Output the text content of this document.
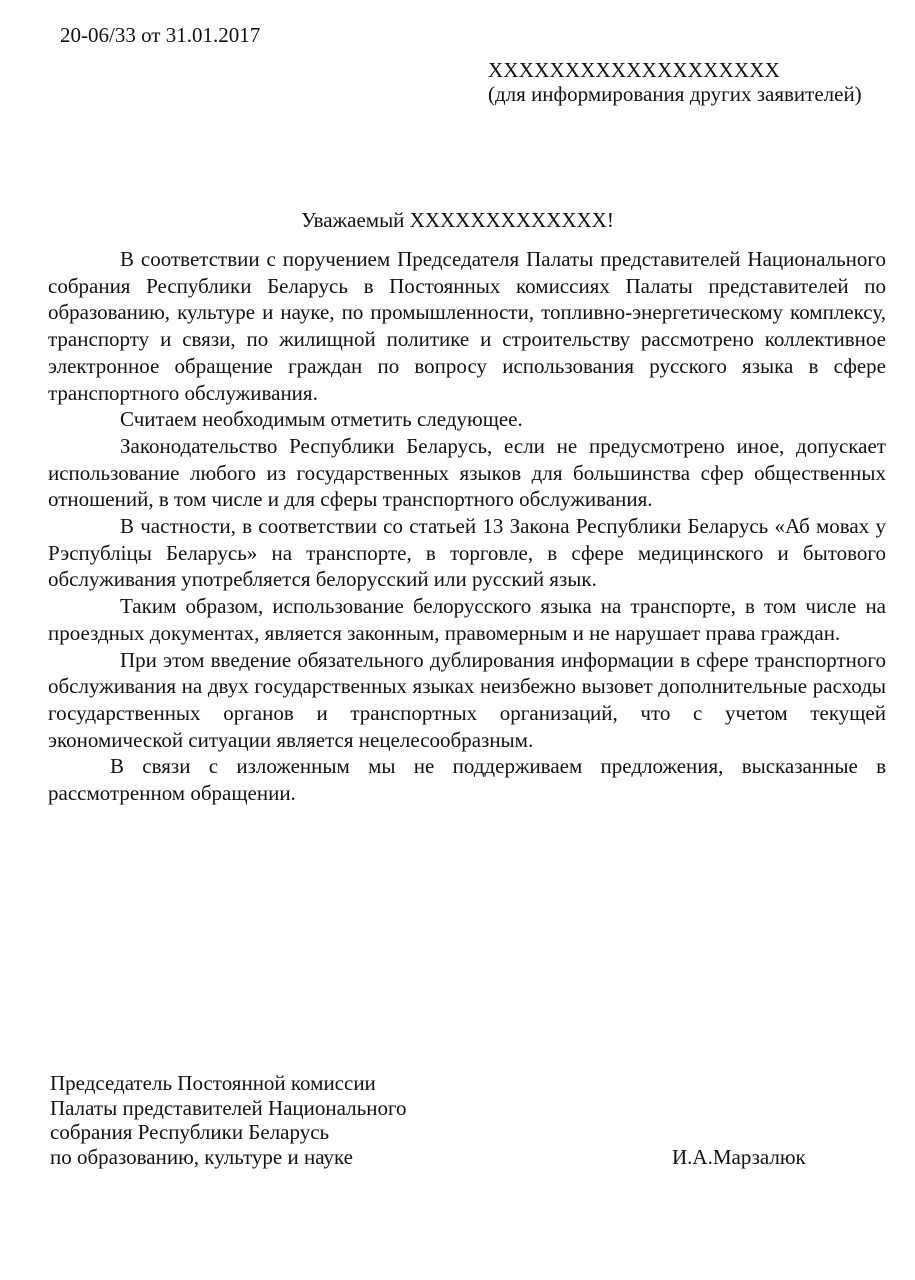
20-06/33 от 31.01.2017
ХХХХХХХХХХХХХХХХХХХ
(для информирования других заявителей)
Уважаемый ХХХХХХХХХХХХХ!

В соответствии с поручением Председателя Палаты представителей Национального собрания Республики Беларусь в Постоянных комиссиях Палаты представителей по образованию, культуре и науке, по промышленности, топливно-энергетическому комплексу, транспорту и связи, по жилищной политике и строительству рассмотрено коллективное электронное обращение граждан по вопросу использования русского языка в сфере транспортного обслуживания.

Считаем необходимым отметить следующее.

Законодательство Республики Беларусь, если не предусмотрено иное, допускает использование любого из государственных языков для большинства сфер общественных отношений, в том числе и для сферы транспортного обслуживания.

В частности, в соответствии со статьей 13 Закона Республики Беларусь «Аб мовах у Рэспубліцы Беларусь» на транспорте, в торговле, в сфере медицинского и бытового обслуживания употребляется белорусский или русский язык.

Таким образом, использование белорусского языка на транспорте, в том числе на проездных документах, является законным, правомерным и не нарушает права граждан.

При этом введение обязательного дублирования информации в сфере транспортного обслуживания на двух государственных языках неизбежно вызовет дополнительные расходы государственных органов и транспортных организаций, что с учетом текущей экономической ситуации является нецелесообразным.

В связи с изложенным мы не поддерживаем предложения, высказанные в рассмотренном обращении.

Председатель Постоянной комиссии
Палаты представителей Национального
собрания Республики Беларусь
по образованию, культуре и науке	И.А.Марзалюк
